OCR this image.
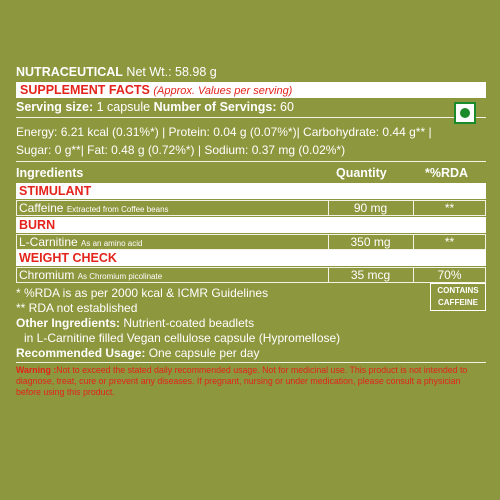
NUTRACEUTICAL Net Wt.: 58.98 g
SUPPLEMENT FACTS (Approx. Values per serving)
Serving size: 1 capsule Number of Servings: 60
Energy: 6.21 kcal (0.31%*) | Protein: 0.04 g (0.07%*)| Carbohydrate: 0.44 g** |
Sugar: 0 g**| Fat: 0.48 g (0.72%*) | Sodium: 0.37 mg (0.02%*)
Ingredients	Quantity	*%RDA
STIMULANT
Caffeine Extracted from Coffee beans	90 mg	**
BURN
L-Carnitine As an amino acid	350 mg	**
WEIGHT CHECK
Chromium As Chromium picolinate	35 mcg	70%
CONTAINS
CAFFEINE
* %RDA is as per 2000 kcal & ICMR Guidelines
** RDA not established
Other Ingredients: Nutrient-coated beadlets
in L-Carnitine filled Vegan cellulose capsule (Hypromellose)
Recommended Usage: One capsule per day
Warning :Not to exceed the stated daily recommended usage. Not for medicinal use. This product is not intended to diagnose, treat, cure or prevent any diseases. If pregnant, nursing or under medication, please consult a physician before using this product.
